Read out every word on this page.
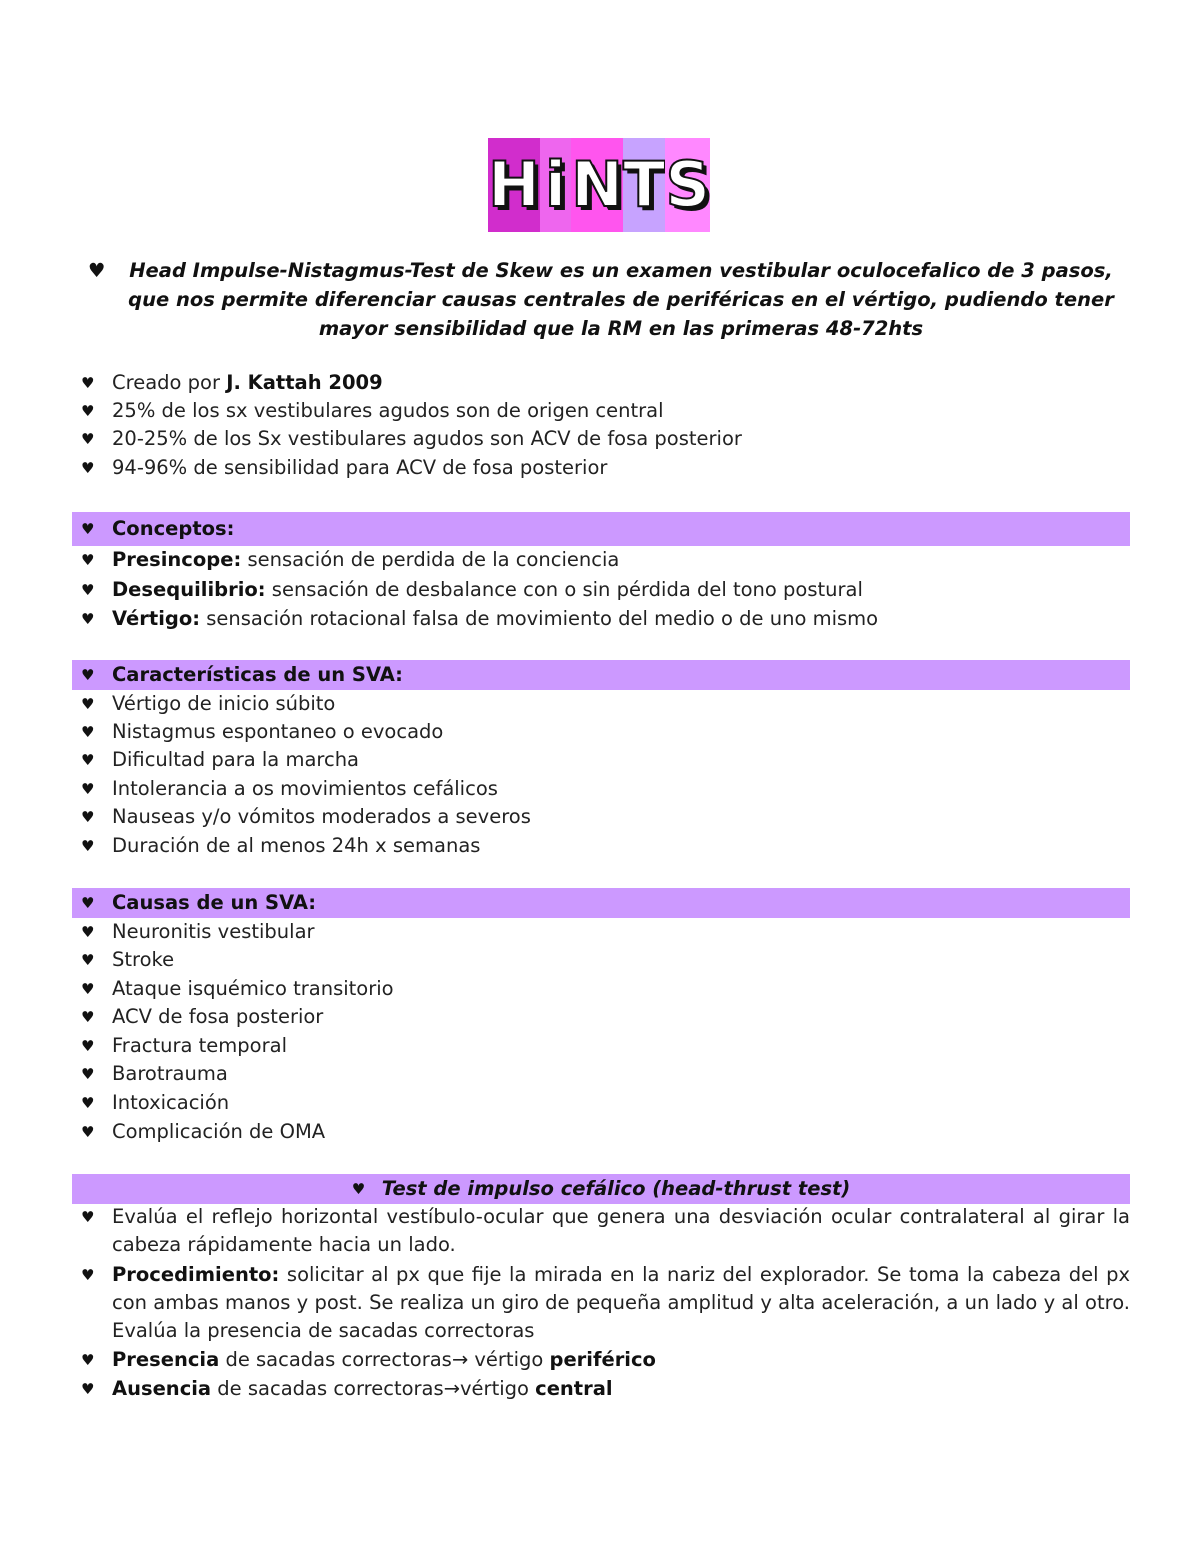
H i N T S
♥	Head Impulse-Nistagmus-Test de Skew es un examen vestibular oculocefalico de 3 pasos, que nos permite diferenciar causas centrales de periféricas en el vértigo, pudiendo tener mayor sensibilidad que la RM en las primeras 48-72hts

♥ Creado por J. Kattah 2009
♥ 25% de los sx vestibulares agudos son de origen central
♥ 20-25% de los Sx vestibulares agudos son ACV de fosa posterior
♥ 94-96% de sensibilidad para ACV de fosa posterior
♥ Conceptos:
♥ Presincope: sensación de perdida de la conciencia
♥ Desequilibrio: sensación de desbalance con o sin pérdida del tono postural
♥ Vértigo: sensación rotacional falsa de movimiento del medio o de uno mismo
♥ Características de un SVA:
♥ Vértigo de inicio súbito
♥ Nistagmus espontaneo o evocado
♥ Dificultad para la marcha
♥ Intolerancia a os movimientos cefálicos
♥ Nauseas y/o vómitos moderados a severos
♥ Duración de al menos 24h x semanas
♥ Causas de un SVA:
♥ Neuronitis vestibular
♥ Stroke
♥ Ataque isquémico transitorio
♥ ACV de fosa posterior
♥ Fractura temporal
♥ Barotrauma
♥ Intoxicación
♥ Complicación de OMA
♥ Test de impulso cefálico (head-thrust test)
♥ Evalúa el reflejo horizontal vestíbulo-ocular que genera una desviación ocular contralateral al girar la cabeza rápidamente hacia un lado.
♥ Procedimiento: solicitar al px que fije la mirada en la nariz del explorador. Se toma la cabeza del px con ambas manos y post. Se realiza un giro de pequeña amplitud y alta aceleración, a un lado y al otro. Evalúa la presencia de sacadas correctoras
♥ Presencia de sacadas correctoras→ vértigo periférico
♥ Ausencia de sacadas correctoras→vértigo central
